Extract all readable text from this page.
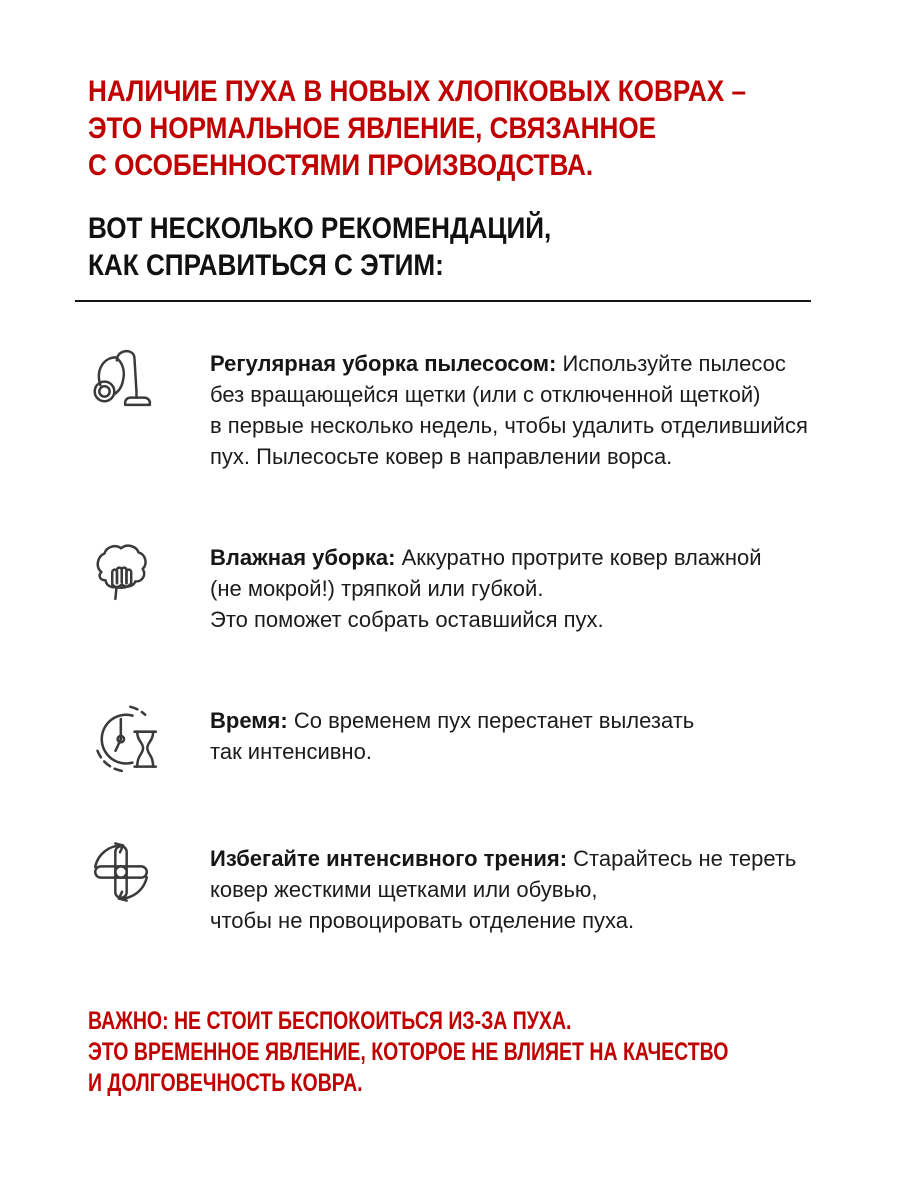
НАЛИЧИЕ ПУХА В НОВЫХ ХЛОПКОВЫХ КОВРАХ –
ЭТО НОРМАЛЬНОЕ ЯВЛЕНИЕ, СВЯЗАННОЕ
С ОСОБЕННОСТЯМИ ПРОИЗВОДСТВА.
ВОТ НЕСКОЛЬКО РЕКОМЕНДАЦИЙ,
КАК СПРАВИТЬСЯ С ЭТИМ:
Регулярная уборка пылесосом: Используйте пылесос
без вращающейся щетки (или с отключенной щеткой)
в первые несколько недель, чтобы удалить отделившийся
пух. Пылесосьте ковер в направлении ворса.
Влажная уборка: Аккуратно протрите ковер влажной
(не мокрой!) тряпкой или губкой.
Это поможет собрать оставшийся пух.
Время: Со временем пух перестанет вылезать
так интенсивно.
Избегайте интенсивного трения: Старайтесь не тереть
ковер жесткими щетками или обувью,
чтобы не провоцировать отделение пуха.
ВАЖНО: НЕ СТОИТ БЕСПОКОИТЬСЯ ИЗ-ЗА ПУХА.
ЭТО ВРЕМЕННОЕ ЯВЛЕНИЕ, КОТОРОЕ НЕ ВЛИЯЕТ НА КАЧЕСТВО
И ДОЛГОВЕЧНОСТЬ КОВРА.
